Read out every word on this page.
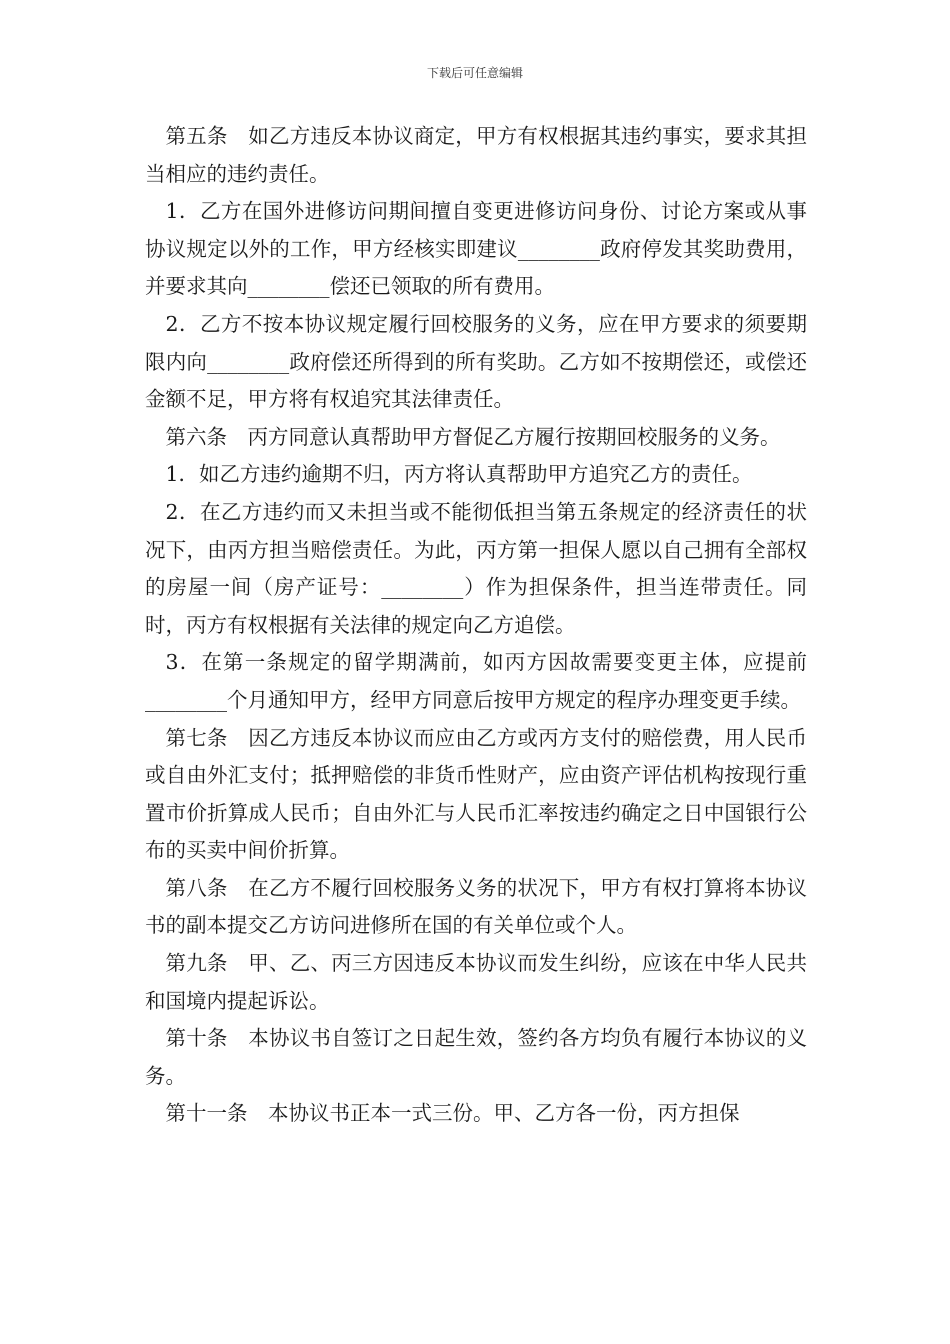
下载后可任意编辑

第五条　如乙方违反本协议商定，甲方有权根据其违约事实，要求其担当相应的违约责任。

1．乙方在国外进修访问期间擅自变更进修访问身份、讨论方案或从事协议规定以外的工作，甲方经核实即建议________政府停发其奖助费用，并要求其向________偿还已领取的所有费用。

2．乙方不按本协议规定履行回校服务的义务，应在甲方要求的须要期限内向________政府偿还所得到的所有奖助。乙方如不按期偿还，或偿还金额不足，甲方将有权追究其法律责任。

第六条　丙方同意认真帮助甲方督促乙方履行按期回校服务的义务。

1．如乙方违约逾期不归，丙方将认真帮助甲方追究乙方的责任。

2．在乙方违约而又未担当或不能彻低担当第五条规定的经济责任的状况下，由丙方担当赔偿责任。为此，丙方第一担保人愿以自己拥有全部权的房屋一间（房产证号：________）作为担保条件，担当连带责任。同时，丙方有权根据有关法律的规定向乙方追偿。

3．在第一条规定的留学期满前，如丙方因故需要变更主体，应提前________个月通知甲方，经甲方同意后按甲方规定的程序办理变更手续。

第七条　因乙方违反本协议而应由乙方或丙方支付的赔偿费，用人民币或自由外汇支付；抵押赔偿的非货币性财产，应由资产评估机构按现行重置市价折算成人民币；自由外汇与人民币汇率按违约确定之日中国银行公布的买卖中间价折算。

第八条　在乙方不履行回校服务义务的状况下，甲方有权打算将本协议书的副本提交乙方访问进修所在国的有关单位或个人。

第九条　甲、乙、丙三方因违反本协议而发生纠纷，应该在中华人民共和国境内提起诉讼。

第十条　本协议书自签订之日起生效，签约各方均负有履行本协议的义务。

第十一条　本协议书正本一式三份。甲、乙方各一份，丙方担保
